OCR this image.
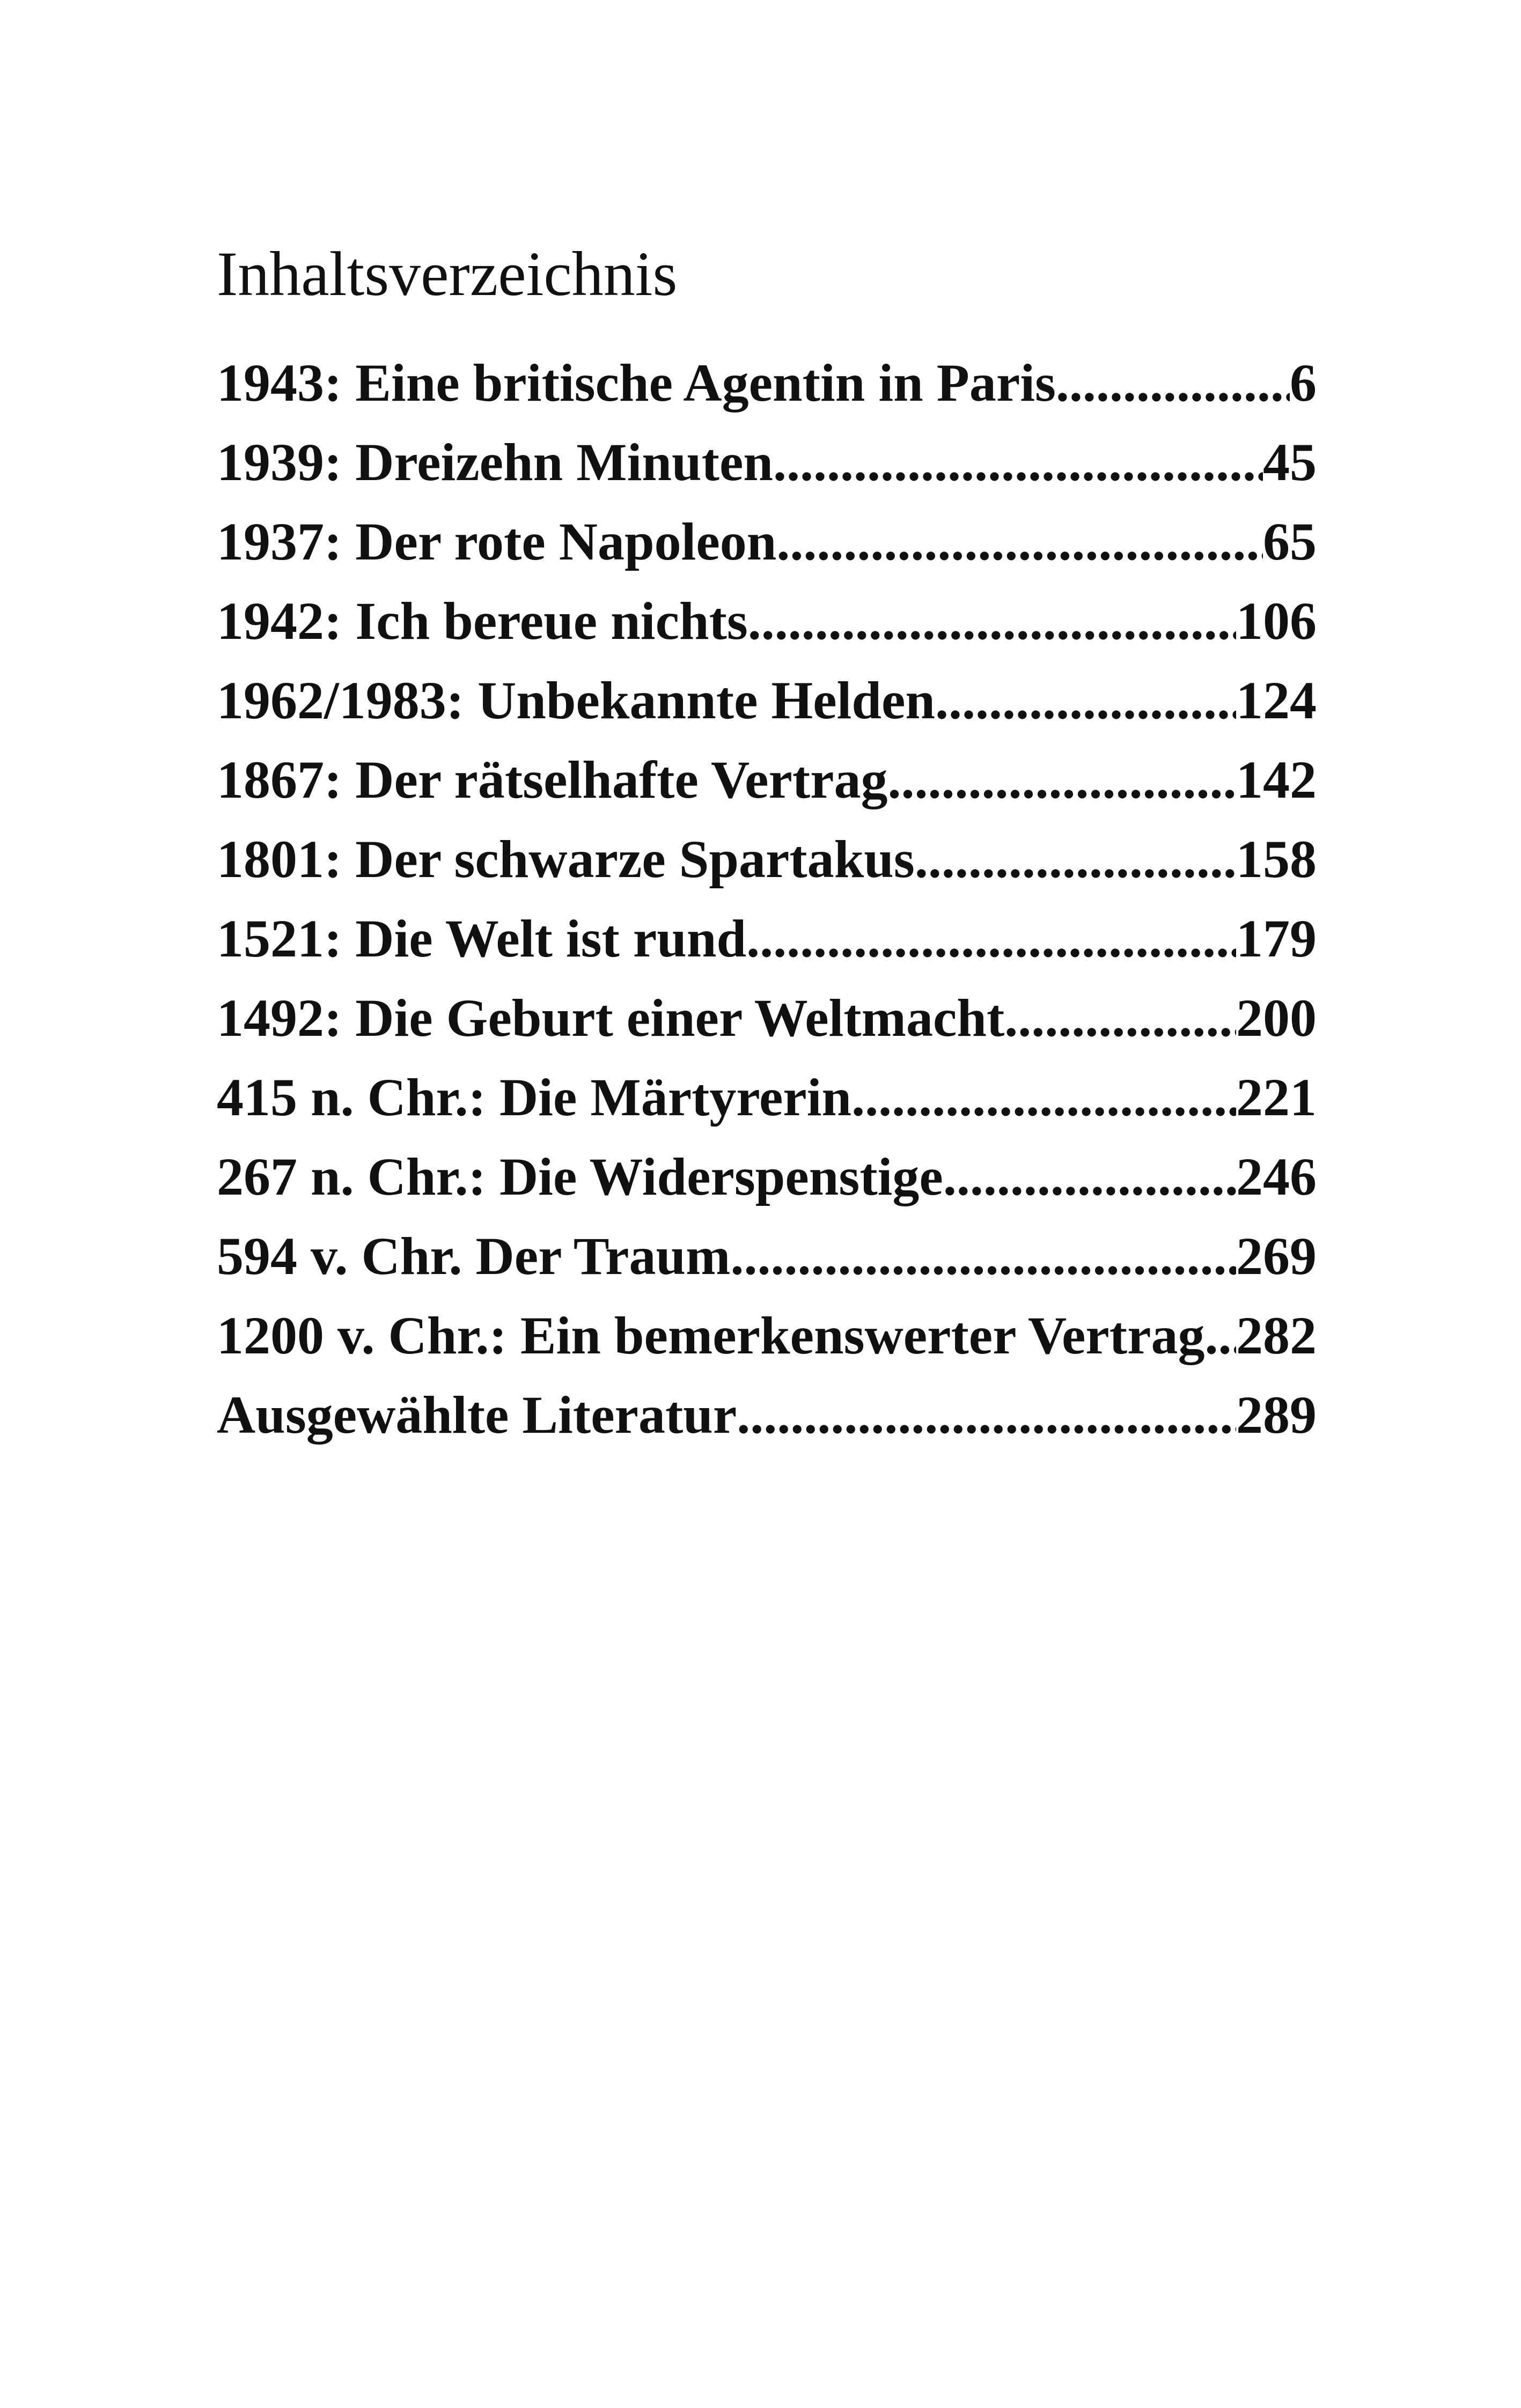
Inhaltsverzeichnis
1943: Eine britische Agentin in Paris .....	6
1939: Dreizehn Minuten .....	45
1937: Der rote Napoleon .....	65
1942: Ich bereue nichts .....	106
1962/1983: Unbekannte Helden .....	124
1867: Der rätselhafte Vertrag .....	142
1801: Der schwarze Spartakus .....	158
1521: Die Welt ist rund .....	179
1492: Die Geburt einer Weltmacht .....	200
415 n. Chr.: Die Märtyrerin .....	221
267 n. Chr.: Die Widerspenstige .....	246
594 v. Chr. Der Traum .....	269
1200 v. Chr.: Ein bemerkenswerter Vertrag ..... 282
Ausgewählte Literatur .....	289
